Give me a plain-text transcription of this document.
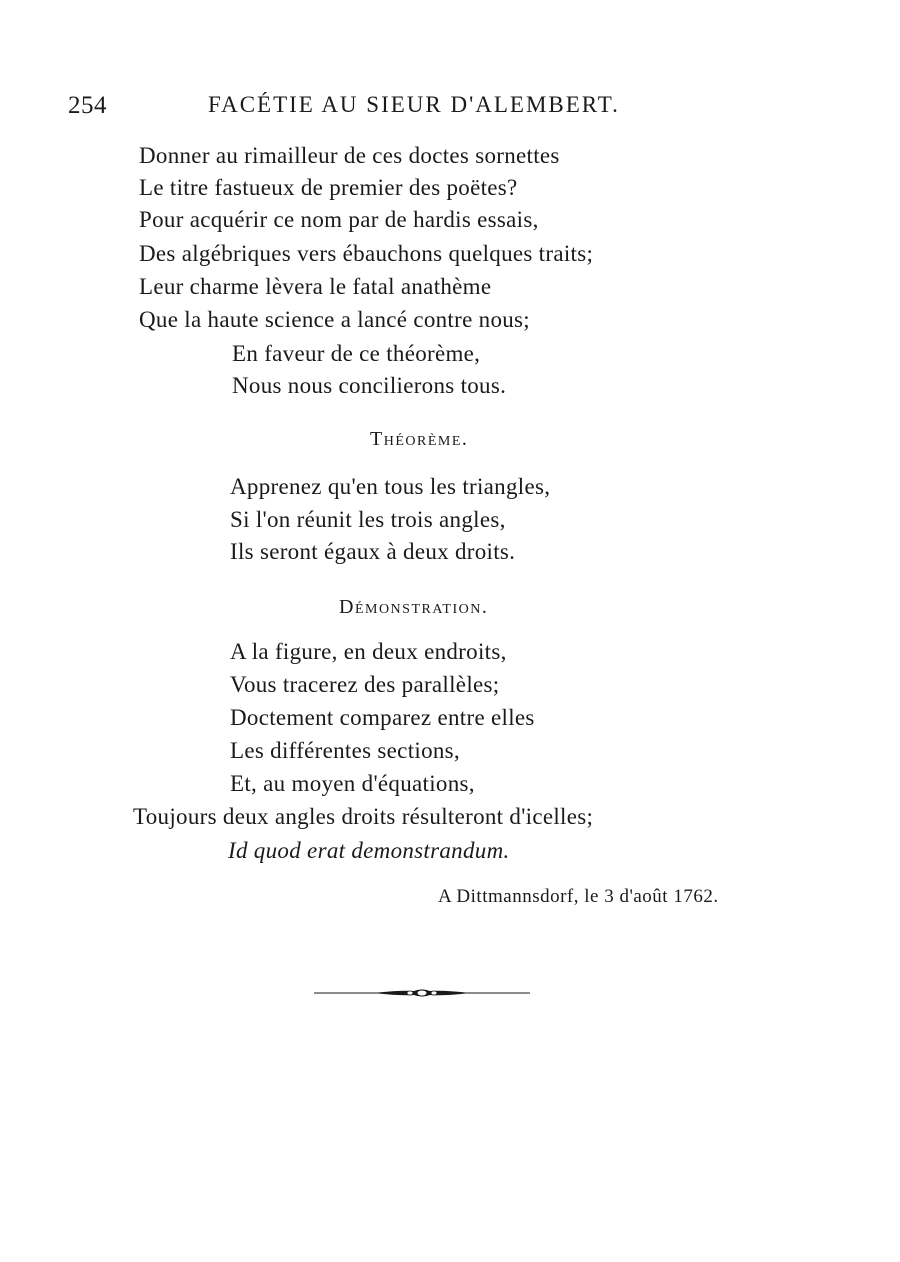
254	FACÉTIE AU SIEUR D'ALEMBERT.
Donner au rimailleur de ces doctes sornettes
Le titre fastueux de premier des poëtes?
Pour acquérir ce nom par de hardis essais,
Des algébriques vers ébauchons quelques traits;
Leur charme lèvera le fatal anathème
Que la haute science a lancé contre nous;
En faveur de ce théorème,
Nous nous concilierons tous.
Théorème.
Apprenez qu'en tous les triangles,
Si l'on réunit les trois angles,
Ils seront égaux à deux droits.
Démonstration.
A la figure, en deux endroits,
Vous tracerez des parallèles;
Doctement comparez entre elles
Les différentes sections,
Et, au moyen d'équations,
Toujours deux angles droits résulteront d'icelles;
Id quod erat demonstrandum.
A Dittmannsdorf, le 3 d'août 1762.
